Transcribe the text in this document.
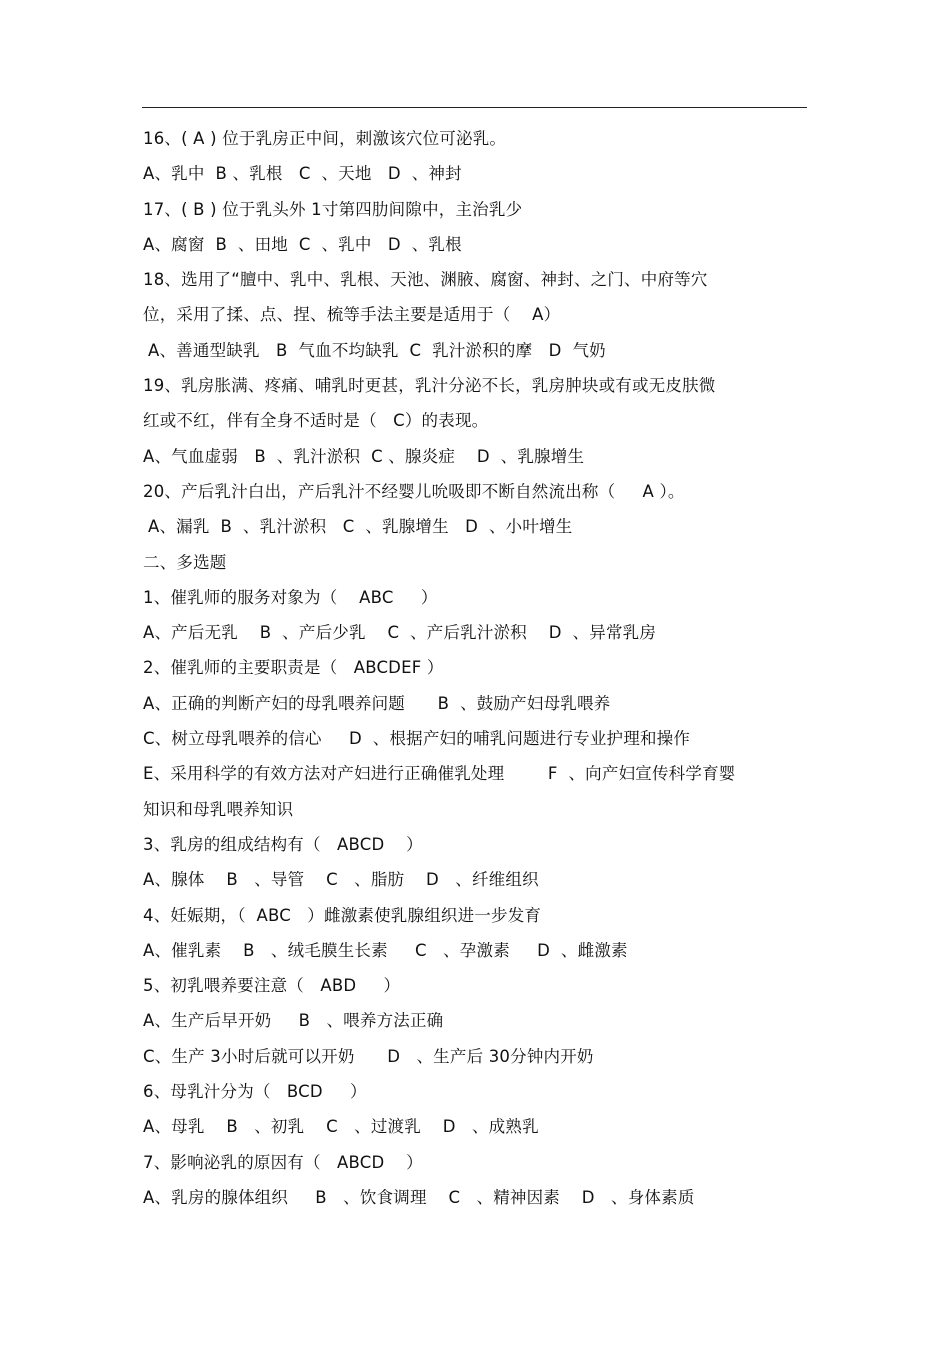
16、( A ) 位于乳房正中间，刺激该穴位可泌乳。
A、乳中  B 、乳根   C  、天地   D  、神封
17、( B ) 位于乳头外 1寸第四肋间隙中，主治乳少
A、腐窗  B  、田地  C  、乳中   D  、乳根
18、选用了“膻中、乳中、乳根、天池、渊腋、腐窗、神封、之门、中府等穴
位，采用了揉、点、捏、梳等手法主要是适用于（    A）
A、善通型缺乳   B  气血不均缺乳  C  乳汁淤积的摩   D  气奶
19、乳房胀满、疼痛、哺乳时更甚，乳汁分泌不长，乳房肿块或有或无皮肤微
红或不红，伴有全身不适时是（   C）的表现。
A、气血虚弱   B  、乳汁淤积  C 、腺炎症    D  、乳腺增生
20、产后乳汁白出，产后乳汁不经婴儿吮吸即不断自然流出称（     A ）。
A、漏乳  B  、乳汁淤积   C  、乳腺增生   D  、小叶增生
二、多选题
1、催乳师的服务对象为（    ABC     ）
A、产后无乳    B  、产后少乳    C  、产后乳汁淤积    D  、异常乳房
2、催乳师的主要职责是（   ABCDEF ）
A、正确的判断产妇的母乳喂养问题      B  、鼓励产妇母乳喂养
C、树立母乳喂养的信心     D  、根据产妇的哺乳问题进行专业护理和操作
E、采用科学的有效方法对产妇进行正确催乳处理        F  、向产妇宣传科学育婴
知识和母乳喂养知识
3、乳房的组成结构有（   ABCD    ）
A、腺体    B   、导管    C   、脂肪    D   、纤维组织
4、妊娠期，（  ABC   ）雌激素使乳腺组织进一步发育
A、催乳素    B   、绒毛膜生长素     C   、孕激素     D  、雌激素
5、初乳喂养要注意（   ABD     ）
A、生产后早开奶     B   、喂养方法正确
C、生产 3小时后就可以开奶      D   、生产后 30分钟内开奶
6、母乳汁分为（   BCD     ）
A、母乳    B   、初乳    C   、过渡乳    D   、成熟乳
7、影响泌乳的原因有（   ABCD    ）
A、乳房的腺体组织     B   、饮食调理    C   、精神因素    D   、身体素质
